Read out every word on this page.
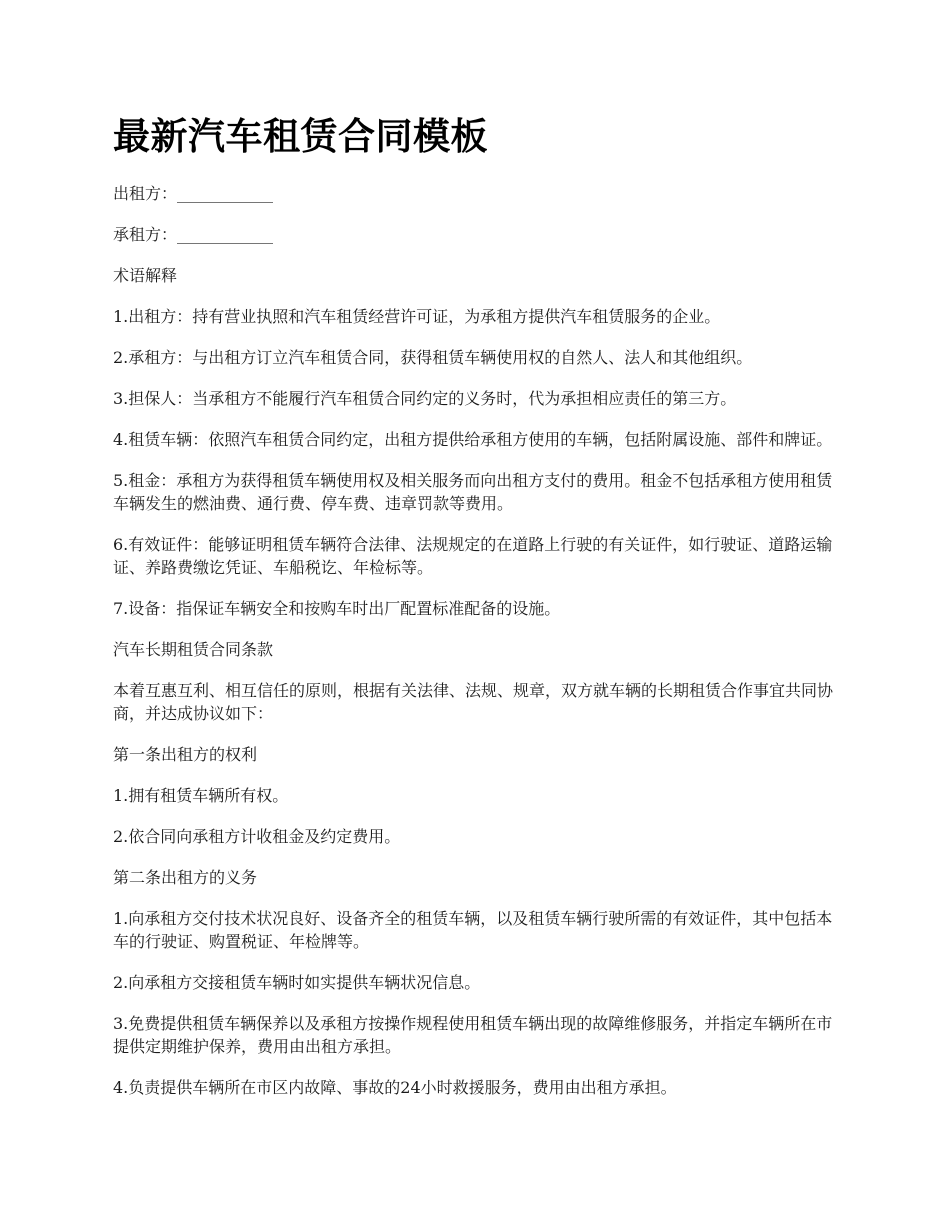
最新汽车租赁合同模板

出租方：____________

承租方：____________

术语解释

1.出租方：持有营业执照和汽车租赁经营许可证，为承租方提供汽车租赁服务的企业。

2.承租方：与出租方订立汽车租赁合同，获得租赁车辆使用权的自然人、法人和其他组织。

3.担保人：当承租方不能履行汽车租赁合同约定的义务时，代为承担相应责任的第三方。

4.租赁车辆：依照汽车租赁合同约定，出租方提供给承租方使用的车辆，包括附属设施、部件和牌证。

5.租金：承租方为获得租赁车辆使用权及相关服务而向出租方支付的费用。租金不包括承租方使用租赁车辆发生的燃油费、通行费、停车费、违章罚款等费用。

6.有效证件：能够证明租赁车辆符合法律、法规规定的在道路上行驶的有关证件，如行驶证、道路运输证、养路费缴讫凭证、车船税讫、年检标等。

7.设备：指保证车辆安全和按购车时出厂配置标准配备的设施。

汽车长期租赁合同条款

本着互惠互利、相互信任的原则，根据有关法律、法规、规章，双方就车辆的长期租赁合作事宜共同协商，并达成协议如下：

第一条出租方的权利

1.拥有租赁车辆所有权。

2.依合同向承租方计收租金及约定费用。

第二条出租方的义务

1.向承租方交付技术状况良好、设备齐全的租赁车辆，以及租赁车辆行驶所需的有效证件，其中包括本车的行驶证、购置税证、年检牌等。

2.向承租方交接租赁车辆时如实提供车辆状况信息。

3.免费提供租赁车辆保养以及承租方按操作规程使用租赁车辆出现的故障维修服务，并指定车辆所在市提供定期维护保养，费用由出租方承担。

4.负责提供车辆所在市区内故障、事故的24小时救援服务，费用由出租方承担。
